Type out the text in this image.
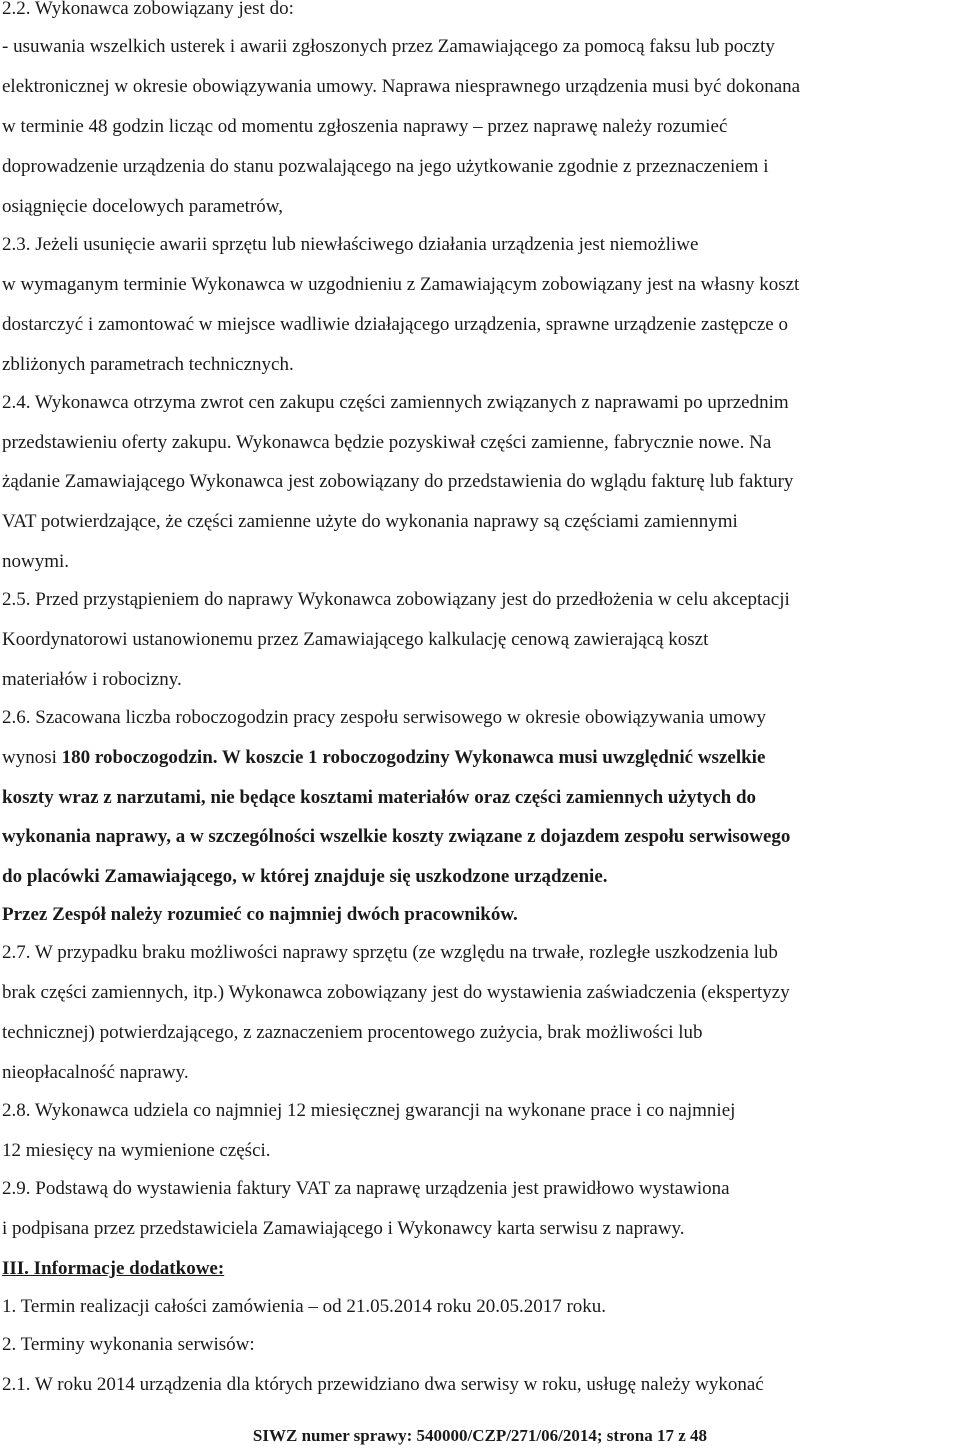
2.2. Wykonawca zobowiązany jest do:

- usuwania wszelkich usterek i awarii zgłoszonych przez Zamawiającego za pomocą faksu lub poczty

elektronicznej w okresie obowiązywania umowy. Naprawa niesprawnego urządzenia musi być dokonana

w terminie 48 godzin licząc od momentu zgłoszenia naprawy – przez naprawę należy rozumieć

doprowadzenie urządzenia do stanu pozwalającego na jego użytkowanie zgodnie z przeznaczeniem i

osiągnięcie docelowych parametrów,

2.3. Jeżeli usunięcie awarii sprzętu lub niewłaściwego działania urządzenia jest niemożliwe

w wymaganym terminie Wykonawca w uzgodnieniu z Zamawiającym zobowiązany jest na własny koszt

dostarczyć i zamontować w miejsce wadliwie działającego urządzenia, sprawne urządzenie zastępcze o

zbliżonych parametrach technicznych.

2.4. Wykonawca otrzyma zwrot cen zakupu części zamiennych związanych z naprawami po uprzednim

przedstawieniu oferty zakupu. Wykonawca będzie pozyskiwał części zamienne, fabrycznie nowe. Na

żądanie Zamawiającego Wykonawca jest zobowiązany do przedstawienia do wglądu fakturę lub faktury

VAT potwierdzające, że części zamienne użyte do wykonania naprawy są częściami zamiennymi

nowymi.

2.5. Przed przystąpieniem do naprawy Wykonawca zobowiązany jest do przedłożenia w celu akceptacji

Koordynatorowi ustanowionemu przez Zamawiającego kalkulację cenową zawierającą koszt

materiałów i robocizny.

2.6. Szacowana liczba roboczogodzin pracy zespołu serwisowego w okresie obowiązywania umowy

wynosi 180 roboczogodzin. W koszcie 1 roboczogodziny Wykonawca musi uwzględnić wszelkie

koszty wraz z narzutami, nie będące kosztami materiałów oraz części zamiennych użytych do

wykonania naprawy, a w szczególności wszelkie koszty związane z dojazdem zespołu serwisowego

do placówki Zamawiającego, w której znajduje się uszkodzone urządzenie.

Przez Zespół należy rozumieć co najmniej dwóch pracowników.

2.7. W przypadku braku możliwości naprawy sprzętu (ze względu na trwałe, rozległe uszkodzenia lub

brak części zamiennych, itp.) Wykonawca zobowiązany jest do wystawienia zaświadczenia (ekspertyzy

technicznej) potwierdzającego, z zaznaczeniem procentowego zużycia, brak możliwości lub

nieopłacalność naprawy.

2.8. Wykonawca udziela co najmniej 12 miesięcznej gwarancji na wykonane prace i co najmniej

12 miesięcy na wymienione części.

2.9. Podstawą do wystawienia faktury VAT za naprawę urządzenia jest prawidłowo wystawiona

i podpisana przez przedstawiciela Zamawiającego i Wykonawcy karta serwisu z naprawy.

III. Informacje dodatkowe:

1. Termin realizacji całości zamówienia – od 21.05.2014 roku 20.05.2017 roku.

2. Terminy wykonania serwisów:

2.1. W roku 2014 urządzenia dla których przewidziano dwa serwisy w roku, usługę należy wykonać

SIWZ numer sprawy: 540000/CZP/271/06/2014; strona 17 z 48
